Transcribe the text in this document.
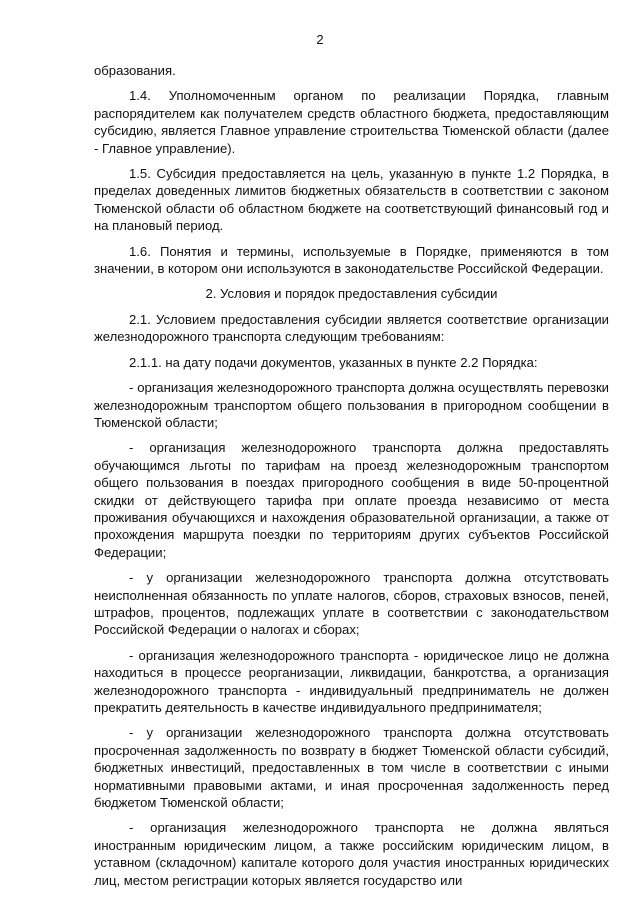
2

образования.

1.4. Уполномоченным органом по реализации Порядка, главным распорядителем как получателем средств областного бюджета, предоставляющим субсидию, является Главное управление строительства Тюменской области (далее - Главное управление).

1.5. Субсидия предоставляется на цель, указанную в пункте 1.2 Порядка, в пределах доведенных лимитов бюджетных обязательств в соответствии с законом Тюменской области об областном бюджете на соответствующий финансовый год и на плановый период.

1.6. Понятия и термины, используемые в Порядке, применяются в том значении, в котором они используются в законодательстве Российской Федерации.

2. Условия и порядок предоставления субсидии

2.1. Условием предоставления субсидии является соответствие организации железнодорожного транспорта следующим требованиям:

2.1.1. на дату подачи документов, указанных в пункте 2.2 Порядка:

- организация железнодорожного транспорта должна осуществлять перевозки железнодорожным транспортом общего пользования в пригородном сообщении в Тюменской области;

- организация железнодорожного транспорта должна предоставлять обучающимся льготы по тарифам на проезд железнодорожным транспортом общего пользования в поездах пригородного сообщения в виде 50-процентной скидки от действующего тарифа при оплате проезда независимо от места проживания обучающихся и нахождения образовательной организации, а также от прохождения маршрута поездки по территориям других субъектов Российской Федерации;

- у организации железнодорожного транспорта должна отсутствовать неисполненная обязанность по уплате налогов, сборов, страховых взносов, пеней, штрафов, процентов, подлежащих уплате в соответствии с законодательством Российской Федерации о налогах и сборах;

- организация железнодорожного транспорта - юридическое лицо не должна находиться в процессе реорганизации, ликвидации, банкротства, а организация железнодорожного транспорта - индивидуальный предприниматель не должен прекратить деятельность в качестве индивидуального предпринимателя;

- у организации железнодорожного транспорта должна отсутствовать просроченная задолженность по возврату в бюджет Тюменской области субсидий, бюджетных инвестиций, предоставленных в том числе в соответствии с иными нормативными правовыми актами, и иная просроченная задолженность перед бюджетом Тюменской области;

- организация железнодорожного транспорта не должна являться иностранным юридическим лицом, а также российским юридическим лицом, в уставном (складочном) капитале которого доля участия иностранных юридических лиц, местом регистрации которых является государство или
